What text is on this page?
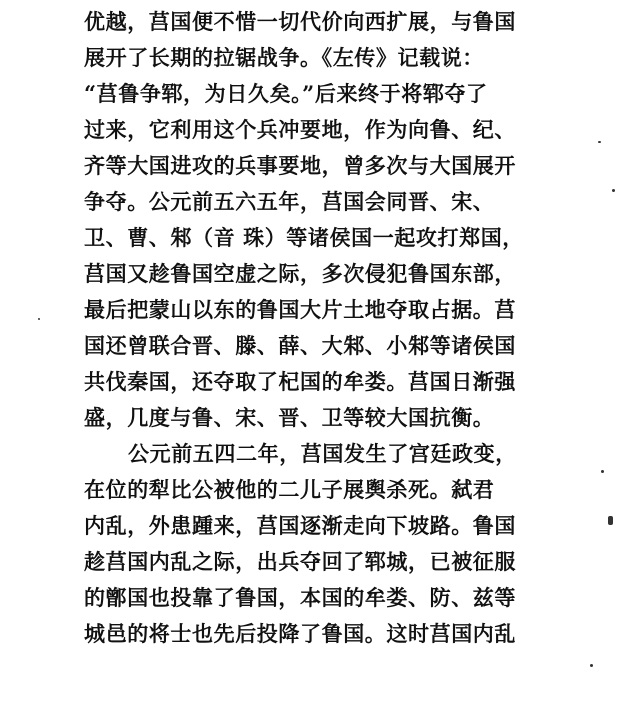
优越，莒国便不惜一切代价向西扩展，与鲁国
展开了长期的拉锯战争。《左传》记载说：
“莒鲁争郓，为日久矣。”后来终于将郓夺了
过来，它利用这个兵冲要地，作为向鲁、纪、
齐等大国进攻的兵事要地，曾多次与大国展开
争夺。公元前五六五年，莒国会同晋、宋、
卫、曹、邾（音 珠）等诸侯国一起攻打郑国，
莒国又趁鲁国空虚之际，多次侵犯鲁国东部，
最后把蒙山以东的鲁国大片土地夺取占据。莒
国还曾联合晋、滕、薛、大邾、小邾等诸侯国
共伐秦国，还夺取了杞国的牟娄。莒国日渐强
盛，几度与鲁、宋、晋、卫等较大国抗衡。
公元前五四二年，莒国发生了宫廷政变，
在位的犁比公被他的二儿子展舆杀死。弑君
内乱，外患踵来，莒国逐渐走向下坡路。鲁国
趁莒国内乱之际，出兵夺回了郓城，已被征服
的鄫国也投靠了鲁国，本国的牟娄、防、兹等
城邑的将士也先后投降了鲁国。这时莒国内乱
